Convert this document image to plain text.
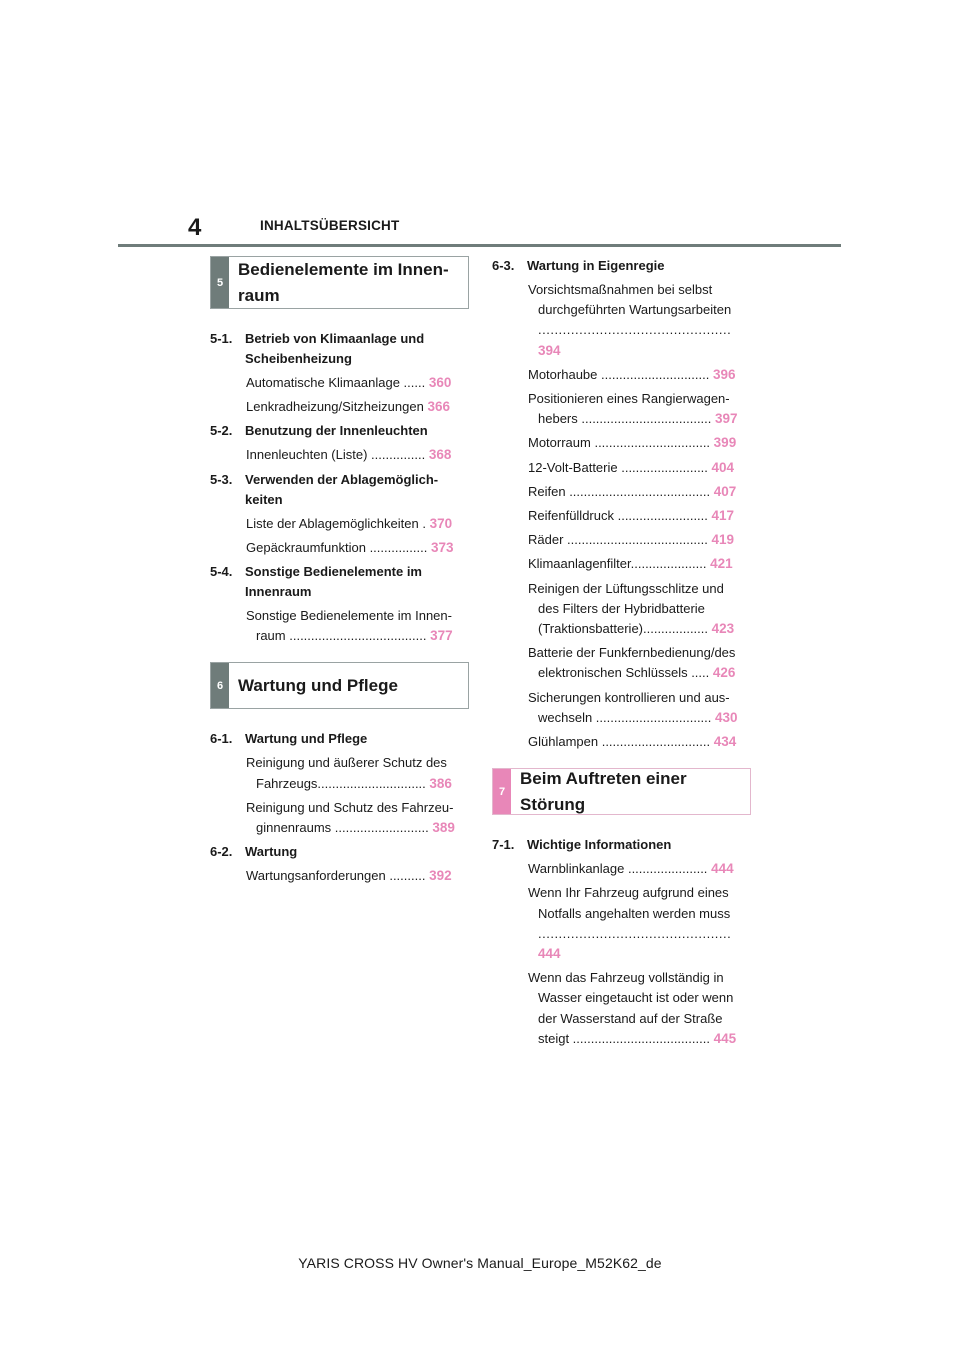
4	INHALTSÜBERSICHT
5
Bedienelemente im Innen-
raum
5-1. Betrieb von Klimaanlage und
Scheibenheizung
Automatische Klimaanlage ...... 360
Lenkradheizung/Sitzheizungen 366
5-2. Benutzung der Innenleuchten
Innenleuchten (Liste) ............... 368
5-3. Verwenden der Ablagemöglich-
keiten
Liste der Ablagemöglichkeiten . 370
Gepäckraumfunktion ................ 373
5-4. Sonstige Bedienelemente im
Innenraum
Sonstige Bedienelemente im Innen-
raum ...................................... 377
6 Wartung und Pflege
6-1. Wartung und Pflege
Reinigung und äußerer Schutz des
Fahrzeugs.............................. 386
Reinigung und Schutz des Fahrzeu-
ginnenraums .......................... 389
6-2. Wartung
Wartungsanforderungen .......... 392
6-3. Wartung in Eigenregie
Vorsichtsmaßnahmen bei selbst
durchgeführten Wartungsarbeiten
............................................... 394
Motorhaube .............................. 396
Positionieren eines Rangierwagen-
hebers .................................... 397
Motorraum ................................ 399
12-Volt-Batterie ........................ 404
Reifen ....................................... 407
Reifenfülldruck ......................... 417
Räder ....................................... 419
Klimaanlagenfilter..................... 421
Reinigen der Lüftungsschlitze und
des Filters der Hybridbatterie
(Traktionsbatterie).................. 423
Batterie der Funkfernbedienung/des
elektronischen Schlüssels ..... 426
Sicherungen kontrollieren und aus-
wechseln ................................ 430
Glühlampen .............................. 434
7
Beim Auftreten einer Störung
7-1. Wichtige Informationen
Warnblinkanlage ...................... 444
Wenn Ihr Fahrzeug aufgrund eines
Notfalls angehalten werden muss
............................................... 444
Wenn das Fahrzeug vollständig in
Wasser eingetaucht ist oder wenn
der Wasserstand auf der Straße
steigt ...................................... 445
YARIS CROSS HV Owner's Manual_Europe_M52K62_de
